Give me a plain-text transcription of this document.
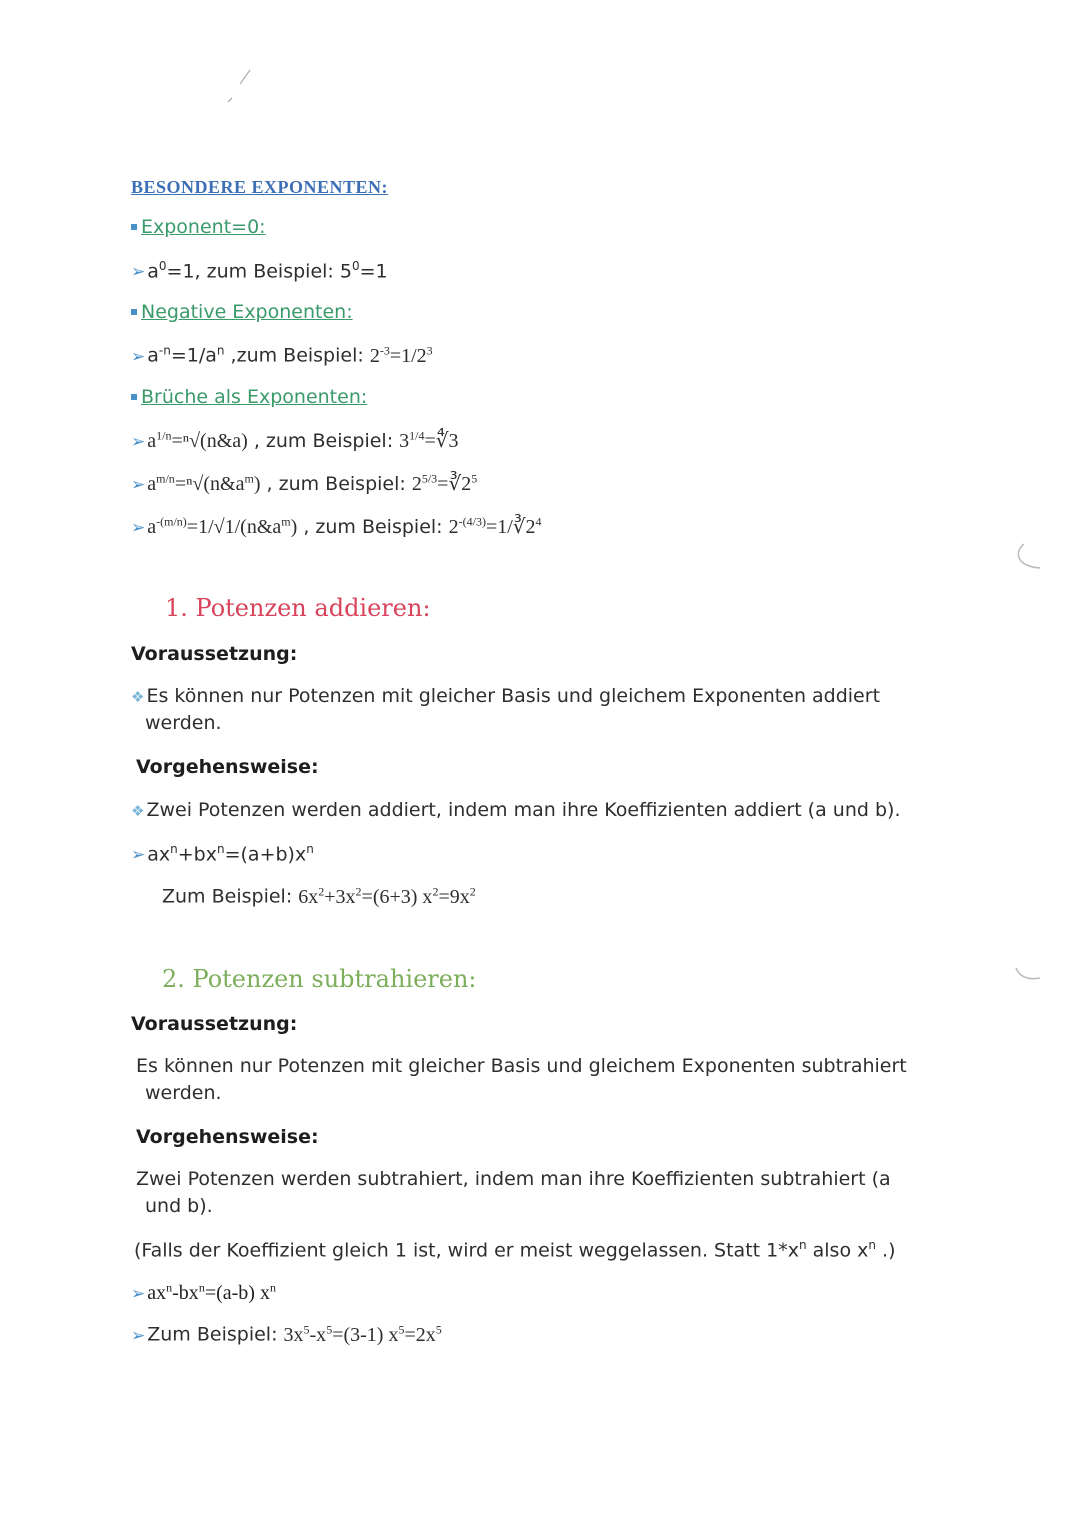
BESONDERE EXPONENTEN:
Exponent=0:
➢ $a^0=1$, zum Beispiel: $5^0=1$
Negative Exponenten:
➢ $a^{-n}=1/a^n$ ,zum Beispiel: $2^{-3}=1/2^3$
Brüche als Exponenten:
➢ $a^{1/n}=^n√(n\&a)$ , zum Beispiel: $3^{1/4}=∜3$
➢ $a^{m/n}=^n√(n\&a^m)$ , zum Beispiel: $2^{5/3}=∛2^5$
➢ $a^{-(m/n)}=1/√1/(n\&a^m)$ , zum Beispiel: $2^{-(4/3)}=1/∛2^4$
1. Potenzen addieren:
Voraussetzung:
❖ Es können nur Potenzen mit gleicher Basis und gleichem Exponenten addiert
werden.
Vorgehensweise:
❖ Zwei Potenzen werden addiert, indem man ihre Koeffizienten addiert (a und b).
➢ $ax^n+bx^n=(a+b)x^n$
Zum Beispiel: $6x^2+3x^2=(6+3)$ $x^2=9x^2$
2. Potenzen subtrahieren:
Voraussetzung:
Es können nur Potenzen mit gleicher Basis und gleichem Exponenten subtrahiert
werden.
Vorgehensweise:
Zwei Potenzen werden subtrahiert, indem man ihre Koeffizienten subtrahiert (a
und b).
(Falls der Koeffizient gleich 1 ist, wird er meist weggelassen. Statt $1*x^n$ also $x^n$ .)
➢ $ax^n-bx^n=(a-b)$ $x^n$
➢ Zum Beispiel: $3x^5-x^5=(3-1)$ $x^5=2x^5$
